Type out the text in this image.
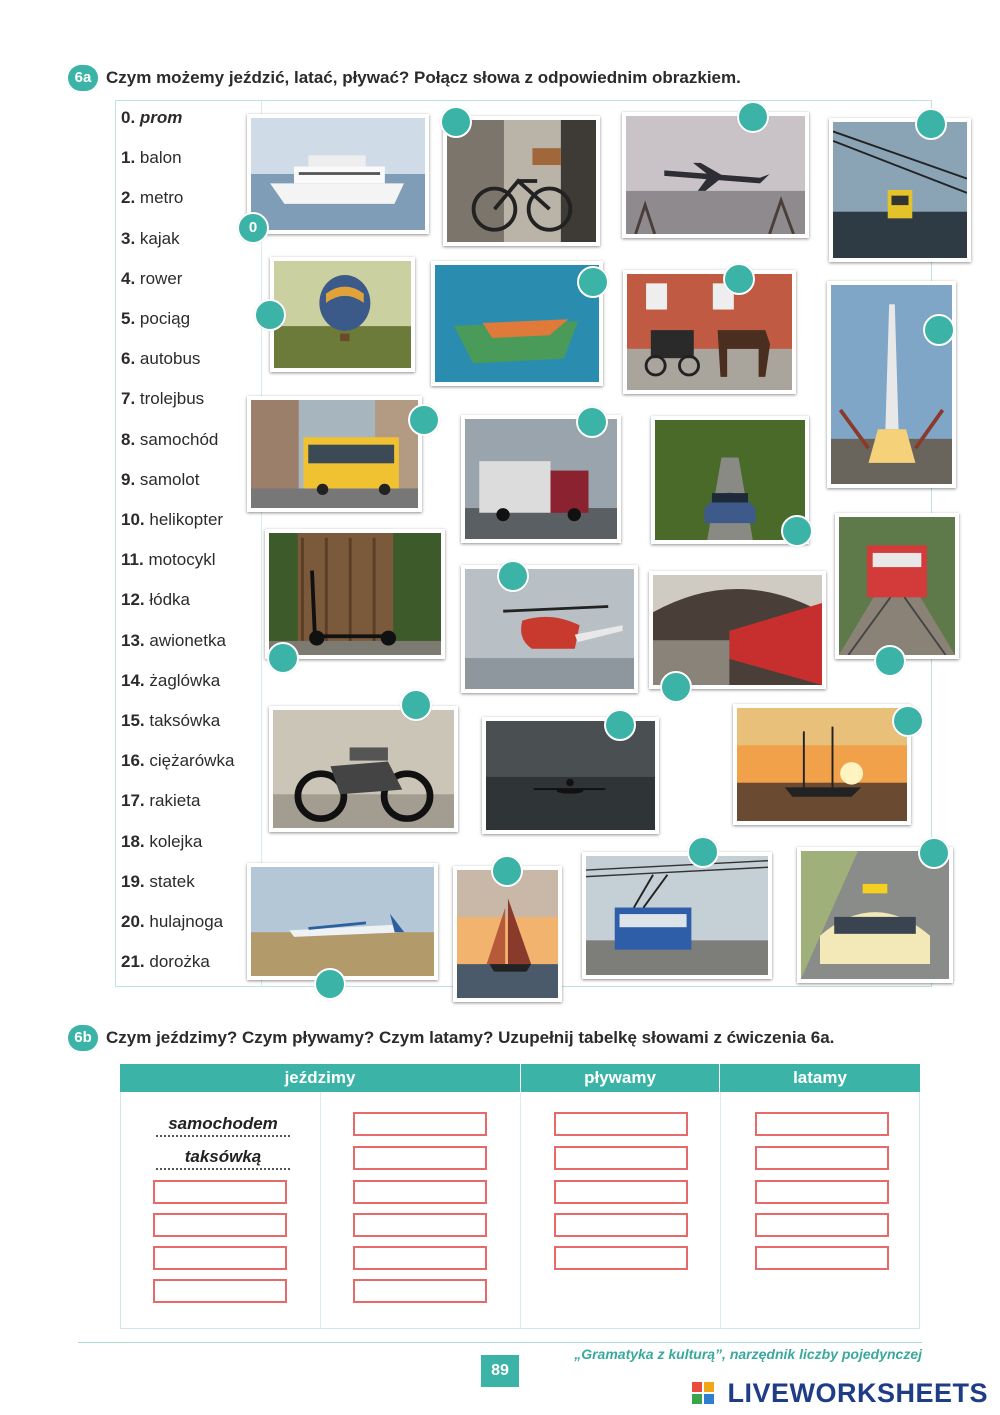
6a Czym możemy jeździć, latać, pływać? Połącz słowa z odpowiednim obrazkiem.
0. prom
1. balon
2. metro
3. kajak
4. rower
5. pociąg
6. autobus
7. trolejbus
8. samochód
9. samolot
10. helikopter
11. motocykl
12. łódka
13. awionetka
14. żaglówka
15. taksówka
16. ciężarówka
17. rakieta
18. kolejka
19. statek
20. hulajnoga
21. dorożka
0
6b Czym jeździmy? Czym pływamy? Czym latamy? Uzupełnij tabelkę słowami z ćwiczenia 6a.
jeździmy	pływamy	latamy
samochodem
taksówką
89
„Gramatyka z kulturą”, narzędnik liczby pojedynczej
LIVEWORKSHEETS
